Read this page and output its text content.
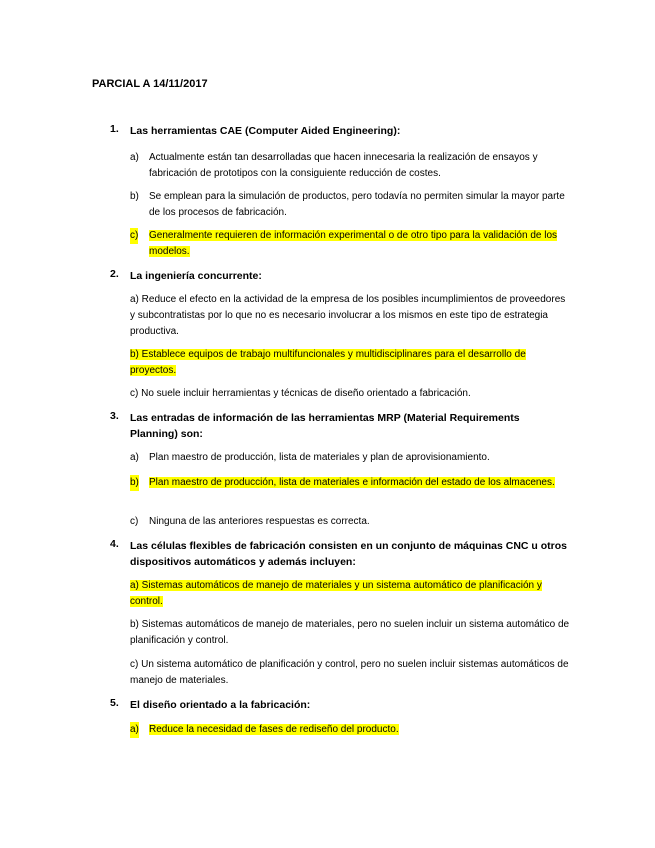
PARCIAL A 14/11/2017
1. Las herramientas CAE (Computer Aided Engineering):
a) Actualmente están tan desarrolladas que hacen innecesaria la realización de ensayos y fabricación de prototipos con la consiguiente reducción de costes.
b) Se emplean para la simulación de productos, pero todavía no permiten simular la mayor parte de los procesos de fabricación.
c) Generalmente requieren de información experimental o de otro tipo para la validación de los modelos.
2. La ingeniería concurrente:
a) Reduce el efecto en la actividad de la empresa de los posibles incumplimientos de proveedores y subcontratistas por lo que no es necesario involucrar a los mismos en este tipo de estrategia productiva.
b) Establece equipos de trabajo multifuncionales y multidisciplinares para el desarrollo de proyectos.
c) No suele incluir herramientas y técnicas de diseño orientado a fabricación.
3. Las entradas de información de las herramientas MRP (Material Requirements Planning) son:
a) Plan maestro de producción, lista de materiales y plan de aprovisionamiento.
b) Plan maestro de producción, lista de materiales e información del estado de los almacenes.
c) Ninguna de las anteriores respuestas es correcta.
4. Las células flexibles de fabricación consisten en un conjunto de máquinas CNC u otros dispositivos automáticos y además incluyen:
a) Sistemas automáticos de manejo de materiales y un sistema automático de planificación y control.
b) Sistemas automáticos de manejo de materiales, pero no suelen incluir un sistema automático de planificación y control.
c) Un sistema automático de planificación y control, pero no suelen incluir sistemas automáticos de manejo de materiales.
5. El diseño orientado a la fabricación:
a) Reduce la necesidad de fases de rediseño del producto.
